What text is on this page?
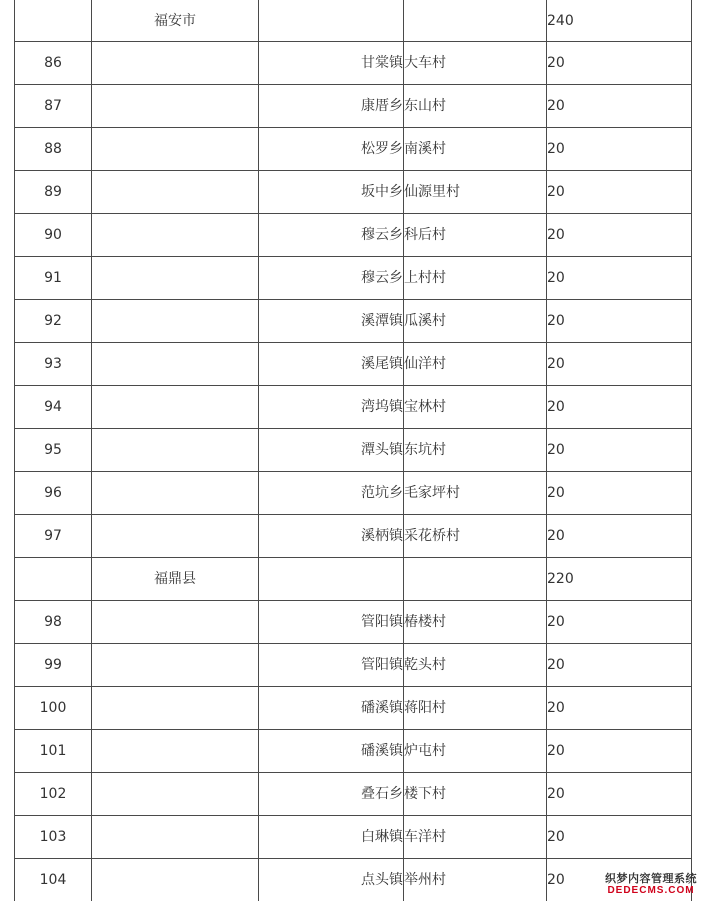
	福安市			240
86		甘棠镇	大车村	20
87		康厝乡	东山村	20
88		松罗乡	南溪村	20
89		坂中乡	仙源里村	20
90		穆云乡	科后村	20
91		穆云乡	上村村	20
92		溪潭镇	瓜溪村	20
93		溪尾镇	仙洋村	20
94		湾坞镇	宝林村	20
95		潭头镇	东坑村	20
96		范坑乡	毛家坪村	20
97		溪柄镇	采花桥村	20
	福鼎县			220
98		管阳镇	椿楼村	20
99		管阳镇	乾头村	20
100		磻溪镇	蒋阳村	20
101		磻溪镇	炉屯村	20
102		叠石乡	楼下村	20
103		白琳镇	车洋村	20
104		点头镇	举州村	20	织梦内容管理系统
DEDECMS.COM
